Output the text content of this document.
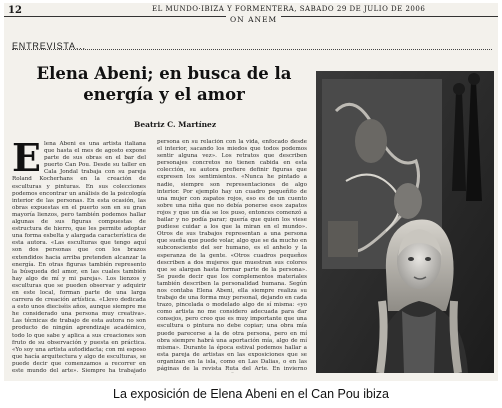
12	EL MUNDO·IBIZA Y FORMENTERA, SABADO 29 DE JULIO DE 2006
ON ANEM
ENTREVISTA...
Elena Abeni; en busca de la
energía y el amor
Beatriz C. Martínez
E lena Abeni es una artista italiana que hasta el mes de agosto expone parte de sus obras en el bar del puerto Can Pou. Desde su taller en Cala Jondal trabaja con su pareja Roland Kocherhans en la creación de esculturas y pinturas. En sus colecciones podemos encontrar un análisis de la psicología interior de las personas. En esta ocasión, las obras expuestas en el puerto son en su gran mayoría lienzos, pero también podemos hallar algunas de sus figuras compuestas de estructura de hierro, que les permite adoptar una forma esbelta y alargada característica de esta autora. «Las esculturas que tengo aquí son dos personas que con los brazos extendidos hacia arriba pretenden alcanzar la energía. En otras figuras también represento la búsqueda del amor, en las cuales también hay algo de mí y mi pareja». Los lienzos y esculturas que se pueden observar y adquirir en este local, forman parte de una larga carrera de creación artística. «Llevo dedicada a esto unos dieciséis años, aunque siempre me he considerado una persona muy creativa». Las técnicas de trabajo de esta autora no son producto de ningún aprendizaje académico, todo lo que sabe y aplica a sus creaciones son fruto de su observación y puesta en práctica. «Yo soy una artista autodidacta; con mi esposo que hacía arquitectura y algo de esculturas, se puede decir que comenzamos a recorrer en este mundo del arte». Siempre ha trabajado

persona en su relación con la vida, enfocado desde el interior, sacando los miedos que todos podemos sentir alguna vez». Los retratos que describen personajes concretos no tienen cabida en esta colección, su autora prefiere definir figuras que expresen los sentimientos. «Nunca he pintado a nadie, siempre son representaciones de algo interior. Por ejemplo hay un cuadro pequeñito de una mujer con zapatos rojos, eso es de un cuento sobre una niña que no debía ponerse esos zapatos rojos y que un día se los puso, entonces comenzó a bailar y no podía parar; quería que quien los viese pudiese cuidar a los que la miran en el mundo». Otros de sus trabajos representan a una persona que sueña que puede volar, algo que se da mucho en subconsciente del ser humano, es el anhelo y la esperanza de la gente. «Otros cuadros pequeños describen a dos mujeres que muestran sus colores que se alargan hasta formar parte de la persona». Se puede decir que los complementos materiales también describen la personalidad humana. Según nos contaba Elena Abeni, ella siempre realiza su trabajo de una forma muy personal, dejando en cada trazo, pincelada o modelado algo de sí misma: «yo como artista no me considero adecuada para dar consejos, pero creo que es muy importante que una escultura o pintura no debe copiar; una obra mía puede parecerse a la de otra persona, pero en mí obra siempre habrá una aportación mía, algo de mí misma». Durante la época estival podemos hallar a esta pareja de artistas en las exposiciones que se organizan en la isla, como en Las Dalias, o en las páginas de la revista Ruta del Arte. En invierno

La exposición de Elena Abeni en el Can Pou ibiza
